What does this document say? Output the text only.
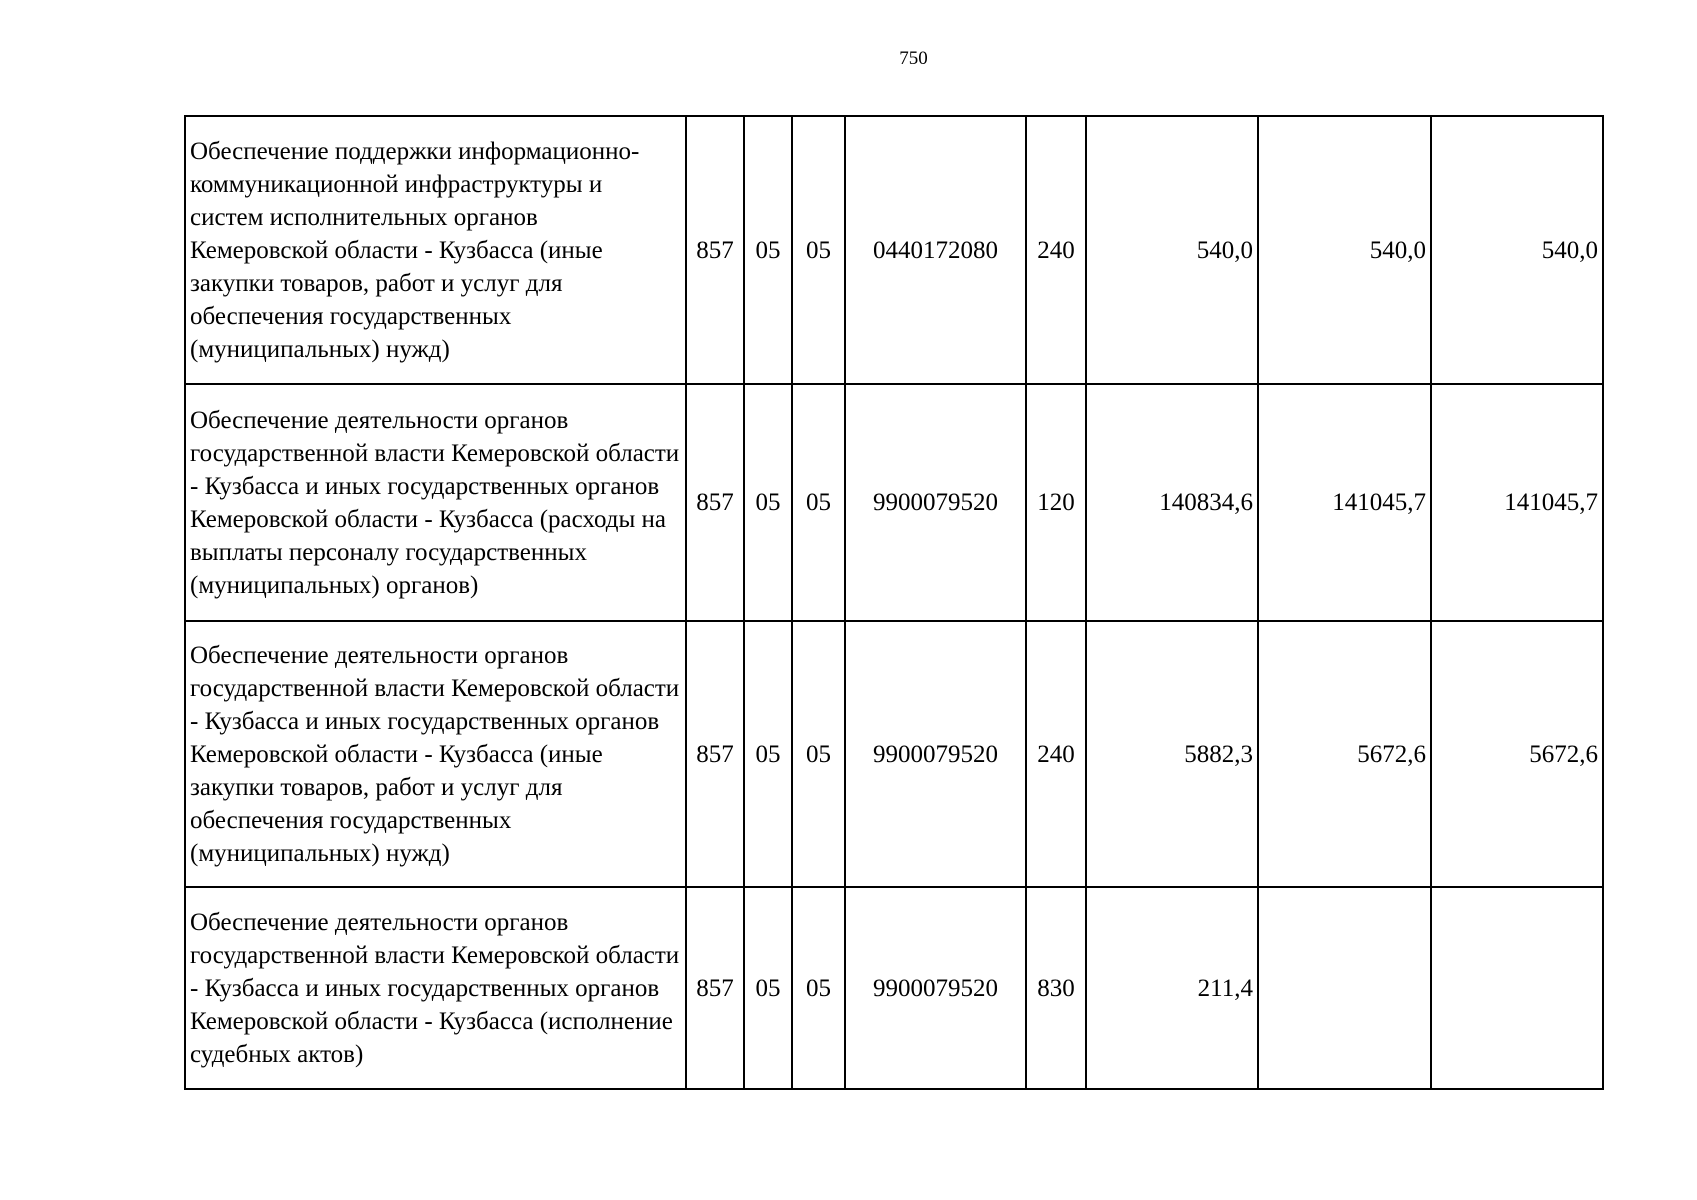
750
Обеспечение поддержки информационно-коммуникационной инфраструктуры и систем исполнительных органов Кемеровской области - Кузбасса (иные закупки товаров, работ и услуг для обеспечения государственных (муниципальных) нужд)	857	05	05	0440172080	240	540,0	540,0	540,0
Обеспечение деятельности органов государственной власти Кемеровской области - Кузбасса и иных государственных органов Кемеровской области - Кузбасса (расходы на выплаты персоналу государственных (муниципальных) органов)	857	05	05	9900079520	120	140834,6	141045,7	141045,7
Обеспечение деятельности органов государственной власти Кемеровской области - Кузбасса и иных государственных органов Кемеровской области - Кузбасса (иные закупки товаров, работ и услуг для обеспечения государственных (муниципальных) нужд)	857	05	05	9900079520	240	5882,3	5672,6	5672,6
Обеспечение деятельности органов государственной власти Кемеровской области - Кузбасса и иных государственных органов Кемеровской области - Кузбасса (исполнение судебных актов)	857	05	05	9900079520	830	211,4		
